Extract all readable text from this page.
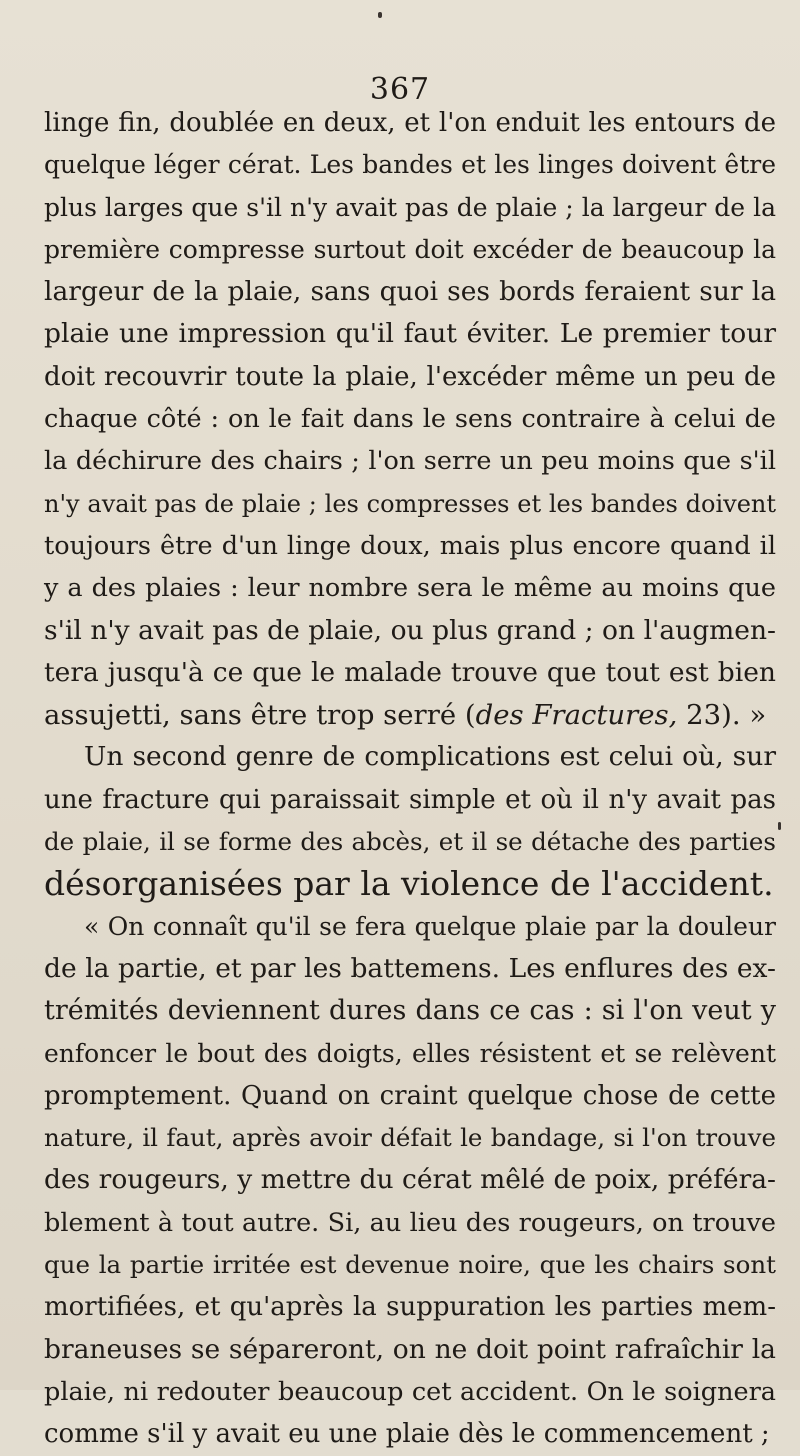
367
linge fin, doublée en deux, et l'on enduit les entours de
quelque léger cérat. Les bandes et les linges doivent être
plus larges que s'il n'y avait pas de plaie ; la largeur de la
première compresse surtout doit excéder de beaucoup la
largeur de la plaie, sans quoi ses bords feraient sur la
plaie une impression qu'il faut éviter. Le premier tour
doit recouvrir toute la plaie, l'excéder même un peu de
chaque côté : on le fait dans le sens contraire à celui de
la déchirure des chairs ; l'on serre un peu moins que s'il
n'y avait pas de plaie ; les compresses et les bandes doivent
toujours être d'un linge doux, mais plus encore quand il
y a des plaies : leur nombre sera le même au moins que
s'il n'y avait pas de plaie, ou plus grand ; on l'augmen-
tera jusqu'à ce que le malade trouve que tout est bien
assujetti, sans être trop serré (des Fractures, 23). »
Un second genre de complications est celui où, sur
une fracture qui paraissait simple et où il n'y avait pas
de plaie, il se forme des abcès, et il se détache des parties
désorganisées par la violence de l'accident.
« On connaît qu'il se fera quelque plaie par la douleur
de la partie, et par les battemens. Les enflures des ex-
trémités deviennent dures dans ce cas : si l'on veut y
enfoncer le bout des doigts, elles résistent et se relèvent
promptement. Quand on craint quelque chose de cette
nature, il faut, après avoir défait le bandage, si l'on trouve
des rougeurs, y mettre du cérat mêlé de poix, préféra-
blement à tout autre. Si, au lieu des rougeurs, on trouve
que la partie irritée est devenue noire, que les chairs sont
mortifiées, et qu'après la suppuration les parties mem-
braneuses se sépareront, on ne doit point rafraîchir la
plaie, ni redouter beaucoup cet accident. On le soignera
comme s'il y avait eu une plaie dès le commencement ;
